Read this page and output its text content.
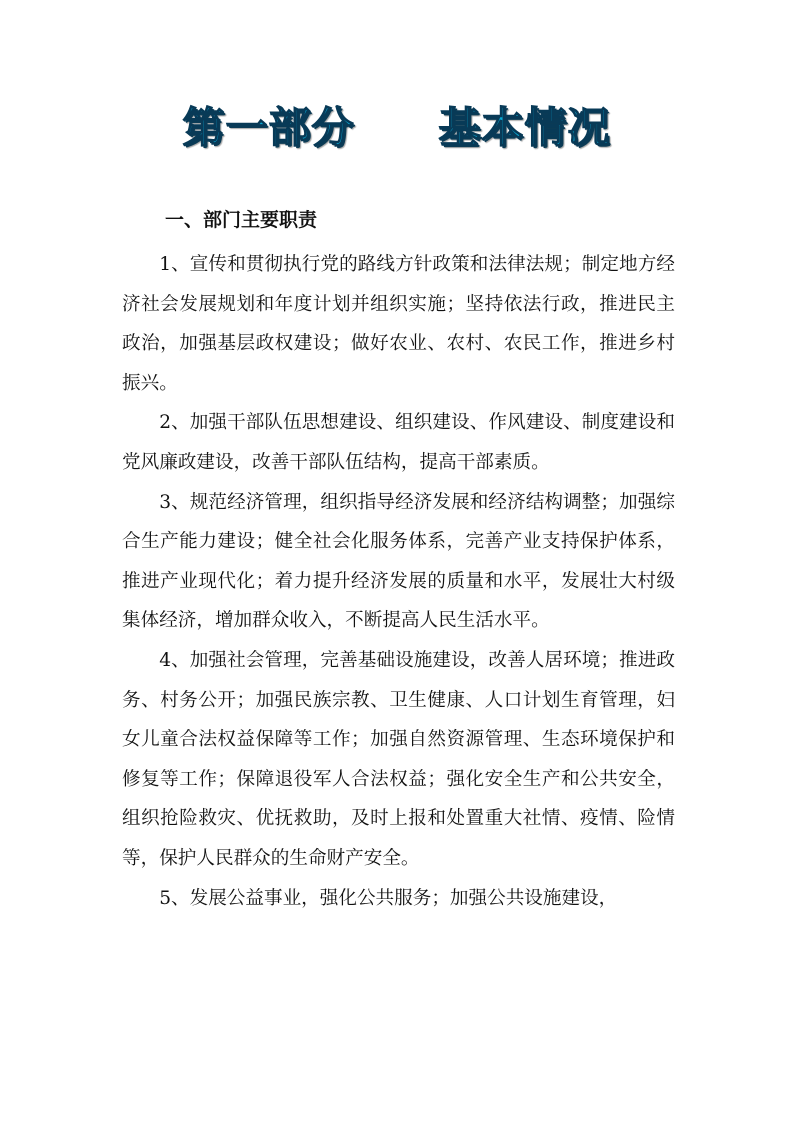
第一部分 基本情况
一、部门主要职责

1、宣传和贯彻执行党的路线方针政策和法律法规；制定地方经济社会发展规划和年度计划并组织实施；坚持依法行政，推进民主政治，加强基层政权建设；做好农业、农村、农民工作，推进乡村振兴。

2、加强干部队伍思想建设、组织建设、作风建设、制度建设和党风廉政建设，改善干部队伍结构，提高干部素质。

3、规范经济管理，组织指导经济发展和经济结构调整；加强综合生产能力建设；健全社会化服务体系，完善产业支持保护体系，推进产业现代化；着力提升经济发展的质量和水平，发展壮大村级集体经济，增加群众收入，不断提高人民生活水平。

4、加强社会管理，完善基础设施建设，改善人居环境；推进政务、村务公开；加强民族宗教、卫生健康、人口计划生育管理，妇女儿童合法权益保障等工作；加强自然资源管理、生态环境保护和修复等工作；保障退役军人合法权益；强化安全生产和公共安全，组织抢险救灾、优抚救助，及时上报和处置重大社情、疫情、险情等，保护人民群众的生命财产安全。

5、发展公益事业，强化公共服务；加强公共设施建设，
